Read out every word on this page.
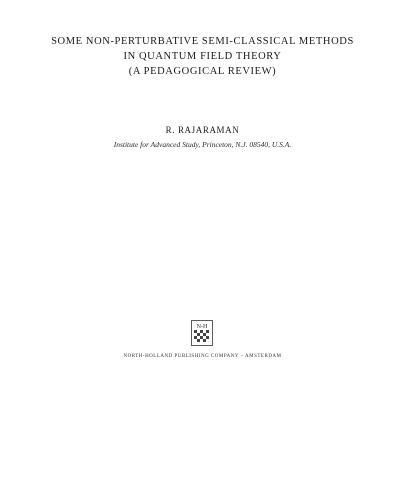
SOME NON-PERTURBATIVE SEMI-CLASSICAL METHODS
IN QUANTUM FIELD THEORY
(A PEDAGOGICAL REVIEW)
R. RAJARAMAN
Institute for Advanced Study, Princeton, N.J. 08540, U.S.A.
N-H
NORTH-HOLLAND PUBLISHING COMPANY – AMSTERDAM
